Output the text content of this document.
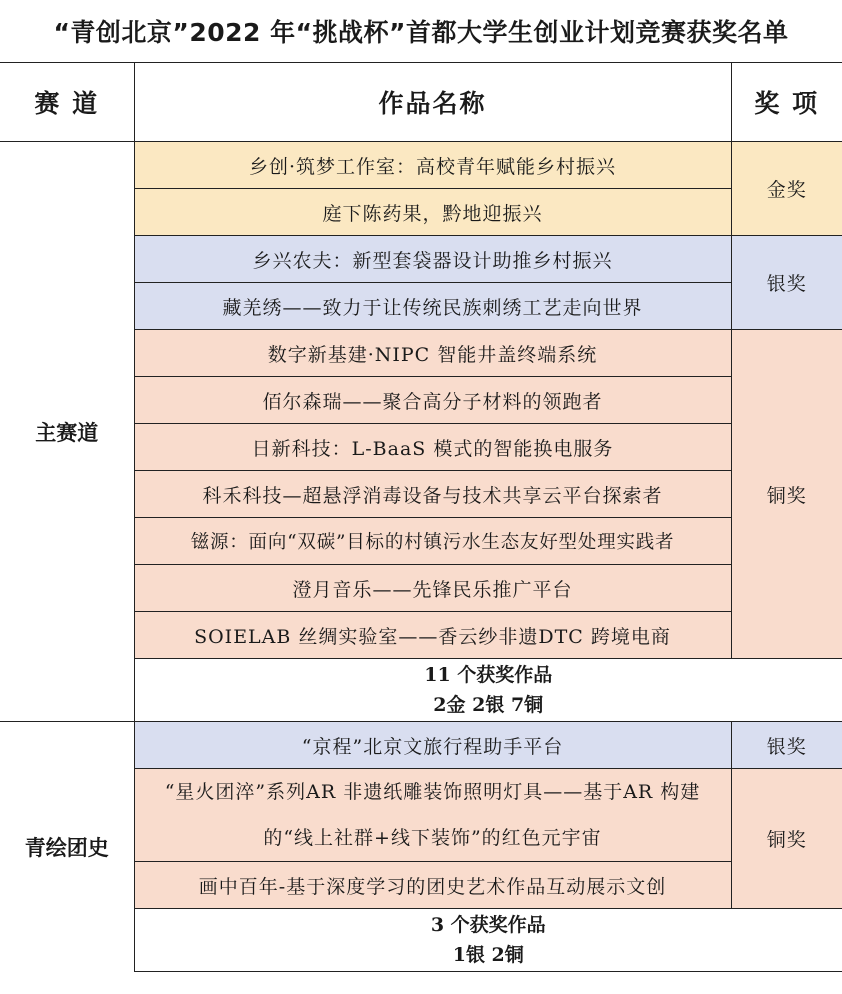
“青创北京”2022 年“挑战杯”首都大学生创业计划竞赛获奖名单
赛 道	作品名称	奖 项
主赛道	乡创·筑梦工作室：高校青年赋能乡村振兴	金奖
	庭下陈药果，黔地迎振兴	
	乡兴农夫：新型套袋器设计助推乡村振兴	银奖
	藏羌绣——致力于让传统民族刺绣工艺走向世界	
	数字新基建·NIPC 智能井盖终端系统	铜奖
	佰尔森瑞——聚合高分子材料的领跑者	
	日新科技：L-BaaS 模式的智能换电服务	
	科禾科技—超悬浮消毒设备与技术共享云平台探索者	
	镃源：面向“双碳”目标的村镇污水生态友好型处理实践者	
	澄月音乐——先锋民乐推广平台	
	SOIELAB 丝绸实验室——香云纱非遗DTC 跨境电商	

	11 个获奖作品
2金 2银 7铜	

青绘团史	“京程”北京文旅行程助手平台	银奖
	“星火团淬”系列AR 非遗纸雕装饰照明灯具——基于AR 构建的“线上社群+线下装饰”的红色元宇宙	铜奖
	画中百年-基于深度学习的团史艺术作品互动展示文创	

	3 个获奖作品
1银 2铜	
